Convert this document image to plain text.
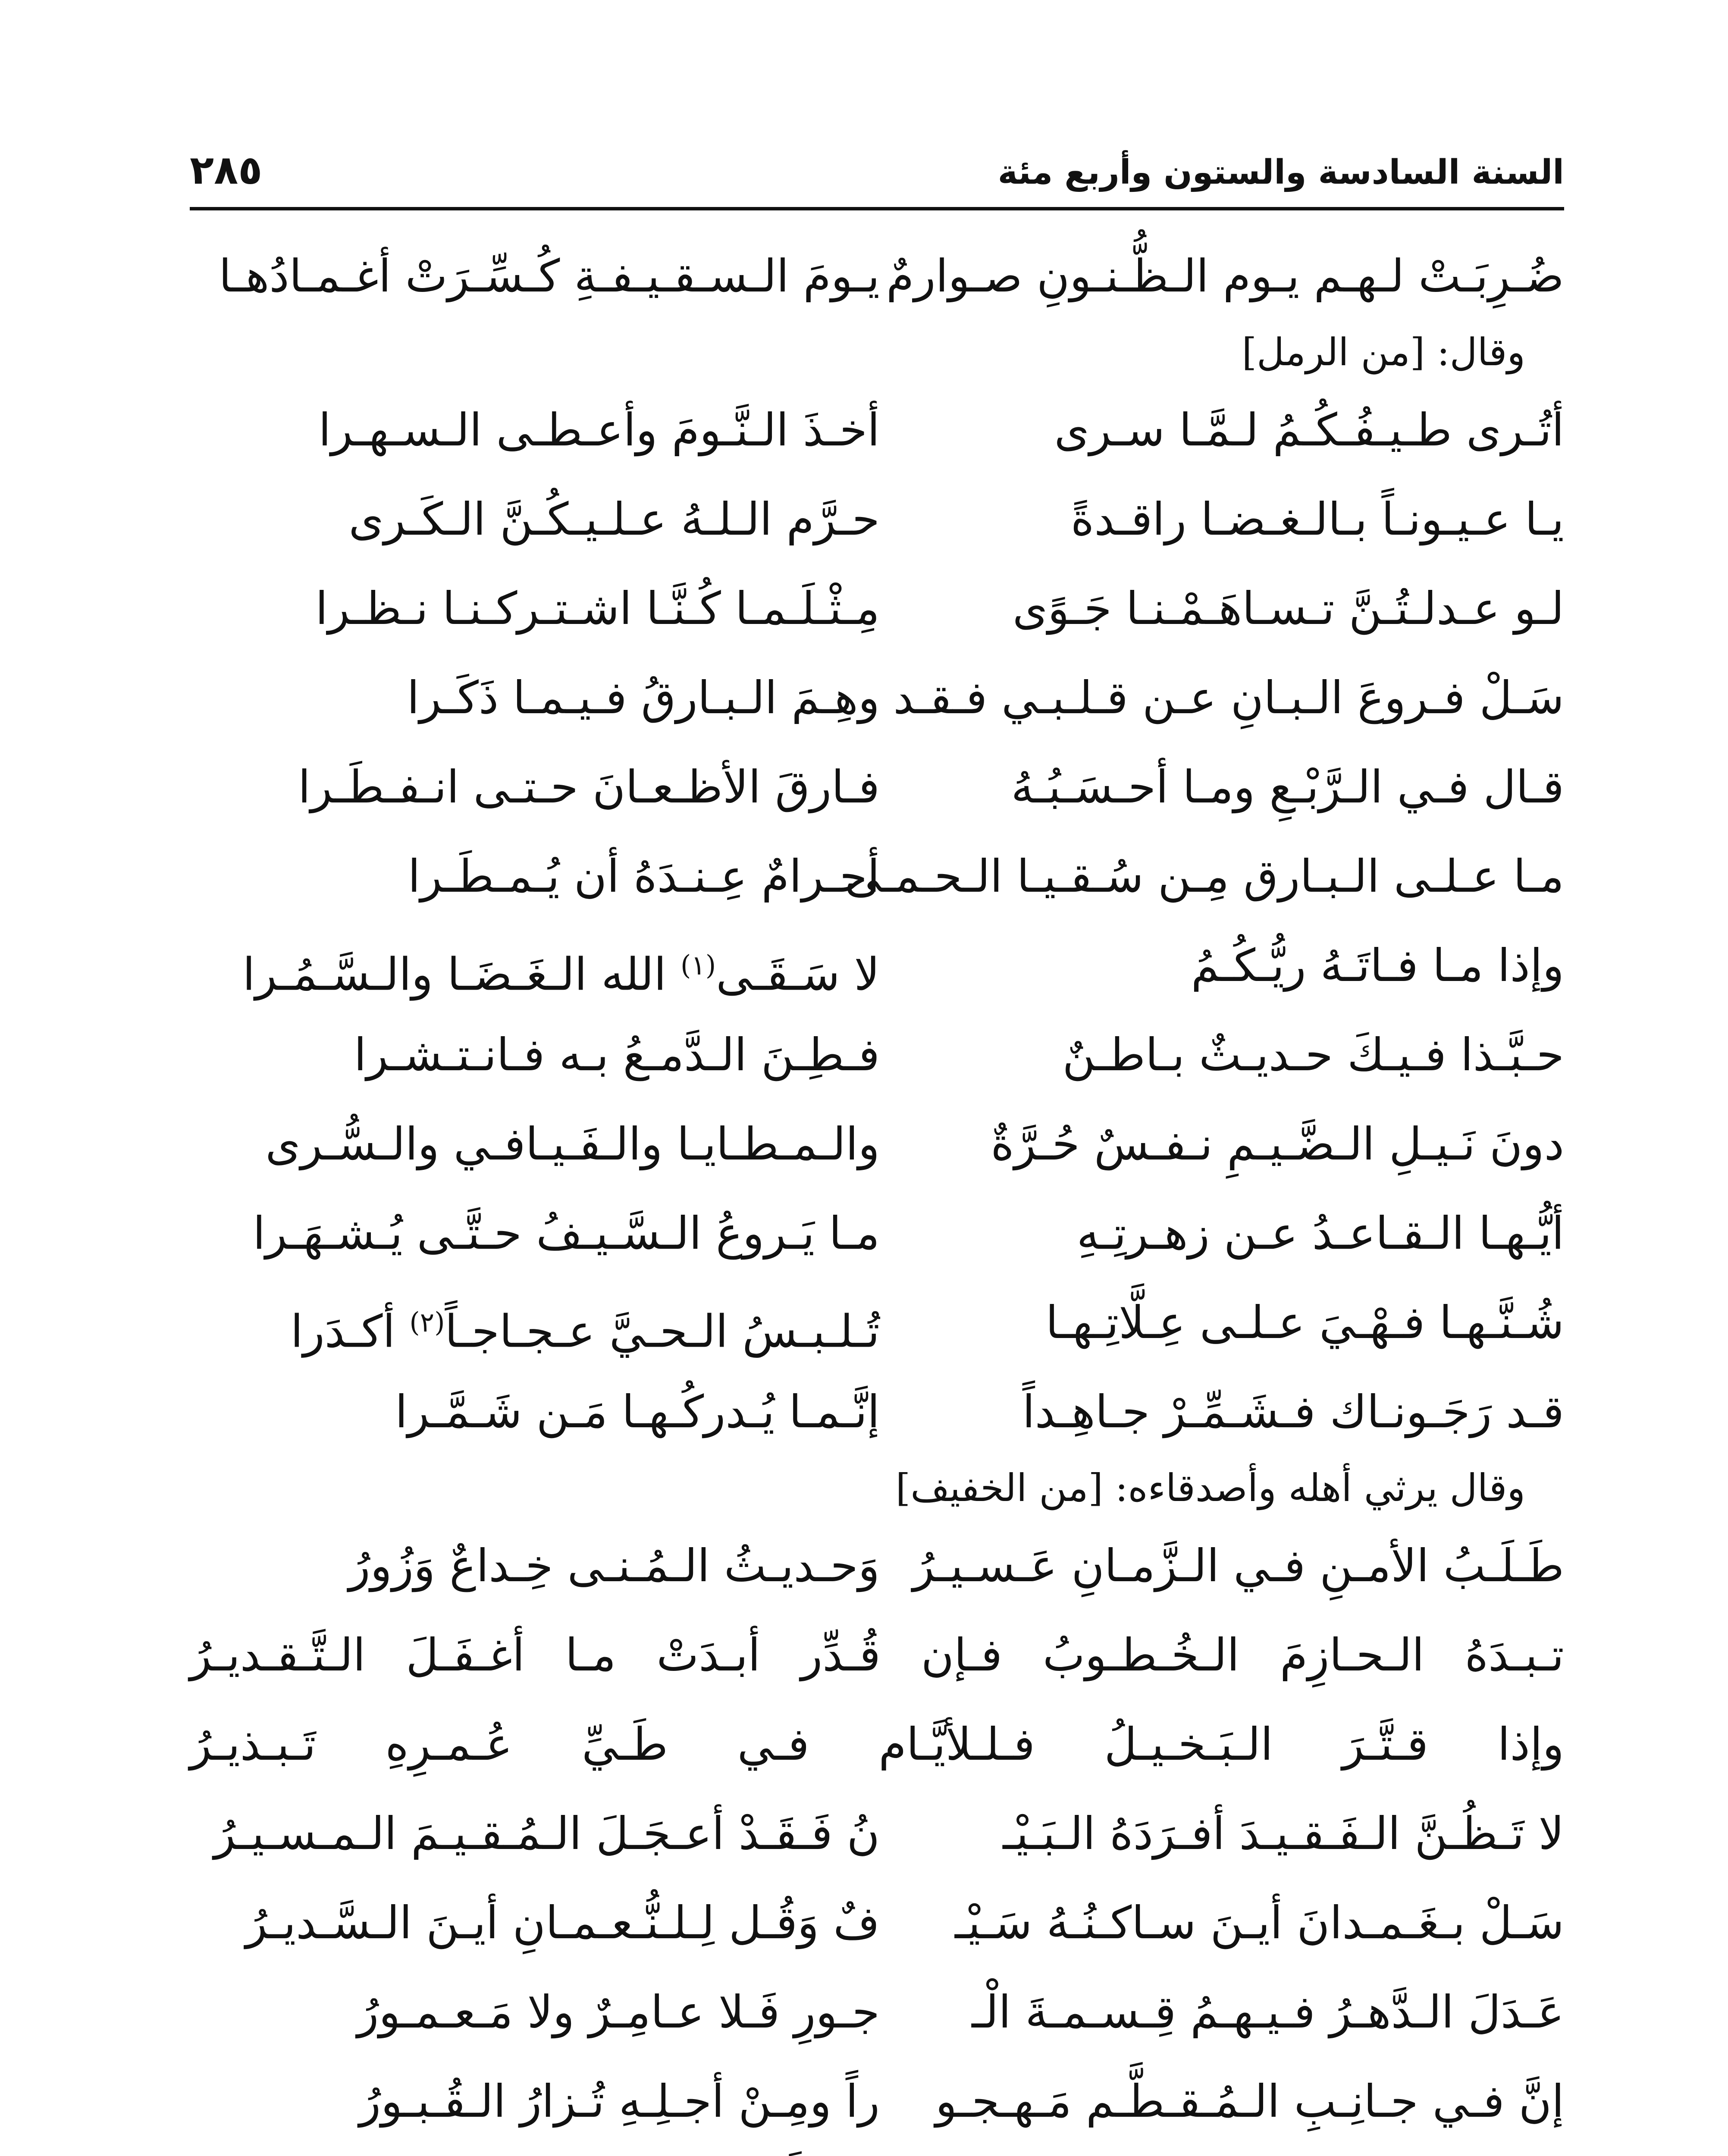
السنة السادسة والستون وأربع مئة
٢٨٥
ضُـرِبَـتْ لـهـم يـوم الـظُّـنـونِ صـوارمٌ
يـومَ الـسـقـيـفـةِ كُـسِّـرَتْ أغـمـادُهـا
وقال: [من الرمل]
أتُـرى طـيـفُـكُـمُ لـمَّـا سـرى
أخـذَ الـنَّـومَ وأعـطـى الـسـهـرا
يـا عـيـونـاً بـالـغـضـا راقـدةً
حـرَّم الـلـهُ عـلـيـكُـنَّ الـكَـرى
لـو عـدلـتُـنَّ تـسـاهَـمْـنـا جَـوًى
مِـثْـلَـمـا كُـنَّـا اشـتـركـنـا نـظـرا
سَـلْ فـروعَ الـبـانِ عـن قـلـبـي فـقـد
وهِـمَ الـبـارقُ فـيـمـا ذَكَـرا
قـال فـي الـرَّبْـعِ ومـا أحـسَـبُـهُ
فـارقَ الأظـعـانَ حـتـى انـفـطَـرا
مـا عـلـى الـبـارق مِـن سُـقـيـا الـحـمـى
أحـرامٌ عِـنـدَهُ أن يُـمـطَـرا
وإذا مـا فـاتَـهُ ريُّـكُـمُ
لا سَـقَـى$^{(١)}$ الله الـغَـضَـا والـسَّـمُـرا
حـبَّـذا فـيـكَ حـديـثٌ بـاطـنٌ
فـطِـنَ الـدَّمـعُ بـه فـانـتـشـرا
دونَ نَـيـلِ الـضَّـيـمِ نـفـسٌ حُـرَّةٌ
والـمـطـايـا والـفَـيـافـي والـسُّـرى
أيُّـهـا الـقـاعـدُ عـن زهـرتِـهِ
مـا يَـروعُ الـسَّـيـفُ حـتَّـى يُـشـهَـرا
شُـنَّـهـا فـهْـيَ عـلـى عِـلَّاتِـهـا
تُـلـبـسُ الـحـيَّ عـجـاجـاً$^{(٢)}$ أكـدَرا
قـد رَجَـونـاك فـشَـمِّـرْ جـاهِـداً
إنَّـمـا يُـدركُـهـا مَـن شَـمَّـرا
وقال يرثي أهله وأصدقاءه: [من الخفيف]
طَـلَـبُ الأمـنِ فـي الـزَّمـانِ عَـسـيـرُ
وَحـديـثُ الـمُـنـى خِـداعٌ وَزُورُ
تـبـدَهُ الـحـازِمَ الـخُـطـوبُ فـإن قُـدِّر أبـدَتْ مـا أغـفَـلَ الـتَّـقـديـرُ
وإذا قـتَّـرَ الـبَـخـيـلُ فـلـلأيَّـام فـي طَـيِّ عُـمـرِهِ تَـبـذيـرُ
لا تَـظُـنَّ الـفَـقـيـدَ أفـرَدَهُ الـبَـيْـ
نُ فَـقَـدْ أعـجَـلَ الـمُـقـيـمَ الـمـسـيـرُ
سَـلْ بـغَـمـدانَ أيـنَ سـاكـنُـهُ سَـيْـ
فٌ وَقُـل لِـلـنُّـعـمـانِ أيـنَ الـسَّـديـرُ
عَـدَلَ الـدَّهـرُ فـيـهـمُ قِـسـمـةَ الْـ
جـورِ فَـلا عـامِـرٌ ولا مَـعـمـورُ
إنَّ فـي جـانِـبِ الـمُـقـطَّـم مَـهـجـو
راً ومِـنْ أجـلِـهِ تُـزارُ الـقُـبـورُ
